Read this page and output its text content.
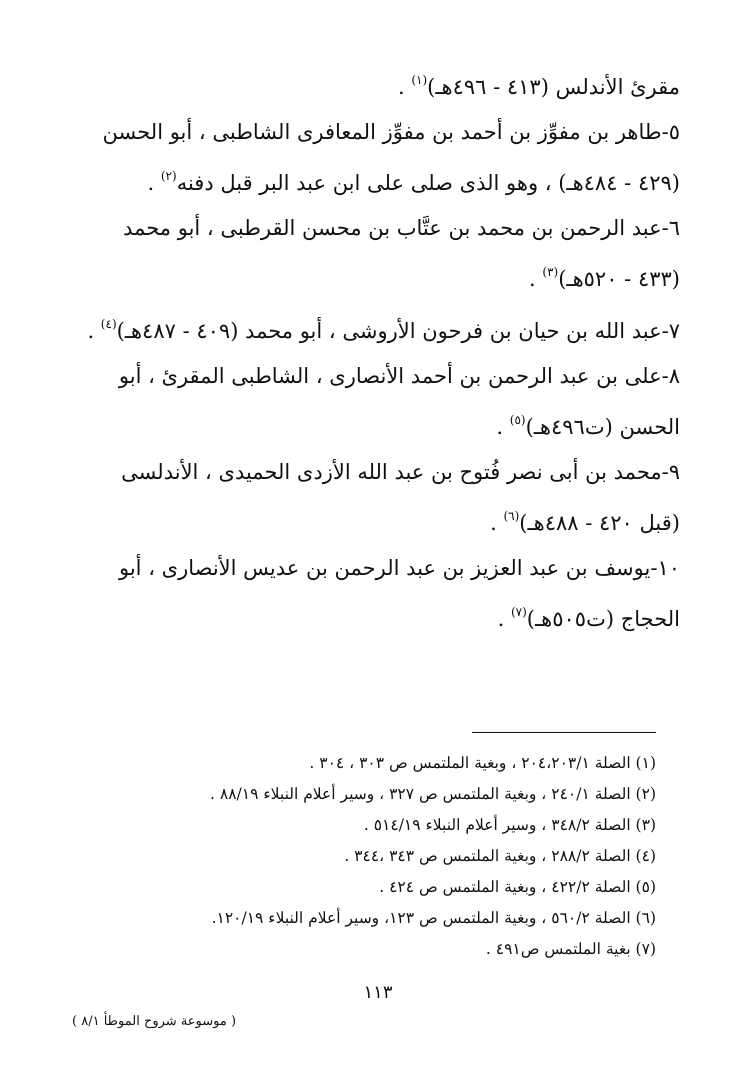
مقرئ الأندلس (٤١٣ - ٤٩٦هـ)$^{(١)}$ .
٥-طاهر بن مفوِّز بن أحمد بن مفوِّز المعافرى الشاطبى ، أبو الحسن
(٤٢٩ - ٤٨٤هـ) ، وهو الذى صلى على ابن عبد البر قبل دفنه$^{(٢)}$ .
٦-عبد الرحمن بن محمد بن عتَّاب بن محسن القرطبى ، أبو محمد
(٤٣٣ - ٥٢٠هـ)$^{(٣)}$ .
٧-عبد الله بن حيان بن فرحون الأروشى ، أبو محمد (٤٠٩ - ٤٨٧هـ)$^{(٤)}$ .
٨-على بن عبد الرحمن بن أحمد الأنصارى ، الشاطبى المقرئ ، أبو
الحسن (ت٤٩٦هـ)$^{(٥)}$ .
٩-محمد بن أبى نصر فُتوح بن عبد الله الأزدى الحميدى ، الأندلسى
(قبل ٤٢٠ - ٤٨٨هـ)$^{(٦)}$ .
١٠-يوسف بن عبد العزيز بن عبد الرحمن بن عديس الأنصارى ، أبو
الحجاج (ت٥٠٥هـ)$^{(٧)}$ .
(١) الصلة ٢٠٤،٢٠٣/١ ، وبغية الملتمس ص ٣٠٣ ، ٣٠٤ .
(٢) الصلة ٢٤٠/١ ، وبغية الملتمس ص ٣٢٧ ، وسير أعلام النبلاء ٨٨/١٩ .
(٣) الصلة ٣٤٨/٢ ، وسير أعلام النبلاء ٥١٤/١٩ .
(٤) الصلة ٢٨٨/٢ ، وبغية الملتمس ص ٣٤٣ ،٣٤٤ .
(٥) الصلة ٤٢٢/٢ ، وبغية الملتمس ص ٤٢٤ .
(٦) الصلة ٥٦٠/٢ ، وبغية الملتمس ص ١٢٣، وسير أعلام النبلاء ١٢٠/١٩.
(٧) بغية الملتمس ص٤٩١ .
١١٣
( موسوعة شروح الموطأ ٨/١ )
